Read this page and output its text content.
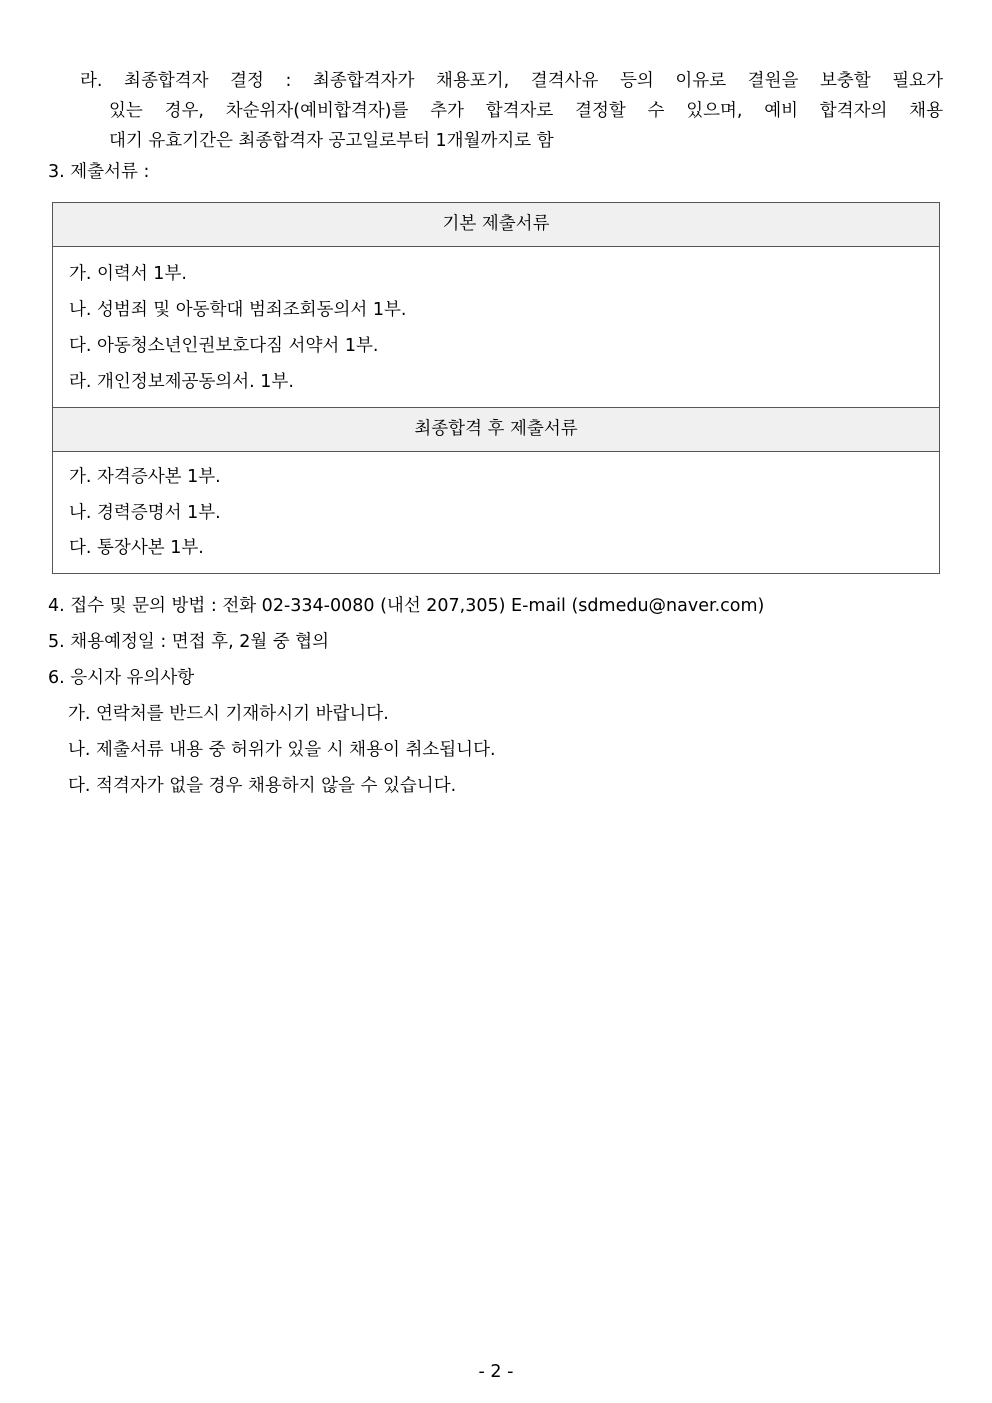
라. 최종합격자 결정 : 최종합격자가 채용포기, 결격사유 등의 이유로 결원을 보충할 필요가
있는 경우, 차순위자(예비합격자)를 추가 합격자로 결정할 수 있으며, 예비 합격자의 채용
대기 유효기간은 최종합격자 공고일로부터 1개월까지로 함
3. 제출서류 :
기본 제출서류
가. 이력서 1부.
나. 성범죄 및 아동학대 범죄조회동의서 1부.
다. 아동청소년인권보호다짐 서약서 1부.
라. 개인정보제공동의서. 1부.
최종합격 후 제출서류
가. 자격증사본 1부.
나. 경력증명서 1부.
다. 통장사본 1부.
4. 접수 및 문의 방법 : 전화 02-334-0080 (내선 207,305) E-mail (sdmedu@naver.com)
5. 채용예정일 : 면접 후, 2월 중 협의
6. 응시자 유의사항
가. 연락처를 반드시 기재하시기 바랍니다.
나. 제출서류 내용 중 허위가 있을 시 채용이 취소됩니다.
다. 적격자가 없을 경우 채용하지 않을 수 있습니다.
- 2 -
